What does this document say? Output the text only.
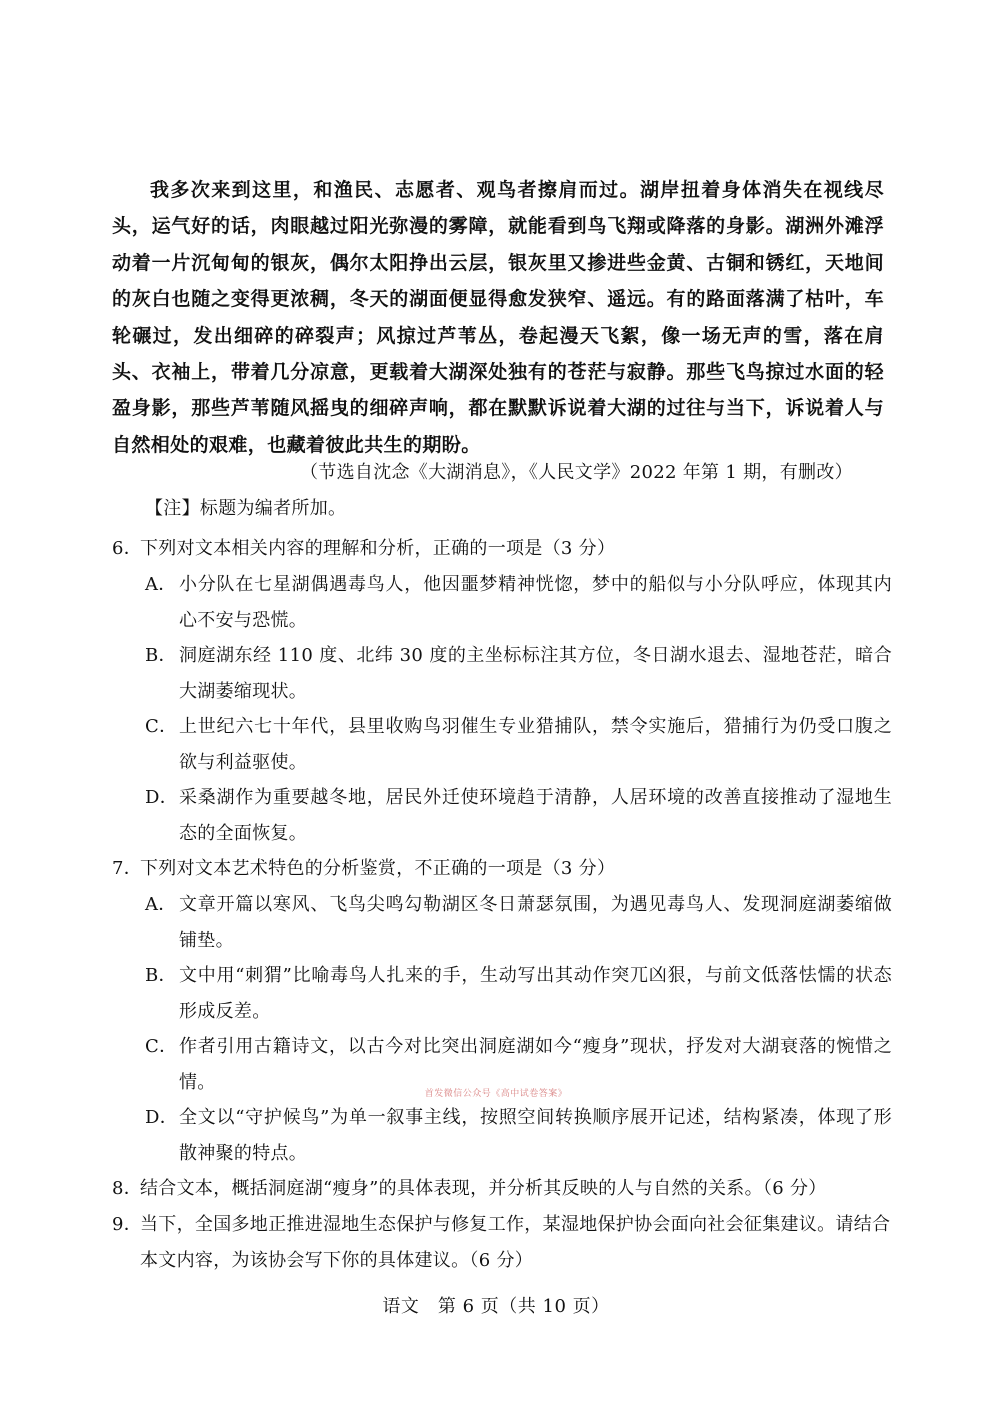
我多次来到这里，和渔民、志愿者、观鸟者擦肩而过。湖岸扭着身体消失在视线尽头，运气好的话，肉眼越过阳光弥漫的雾障，就能看到鸟飞翔或降落的身影。湖洲外滩浮动着一片沉甸甸的银灰，偶尔太阳挣出云层，银灰里又掺进些金黄、古铜和锈红，天地间的灰白也随之变得更浓稠，冬天的湖面便显得愈发狭窄、遥远。有的路面落满了枯叶，车轮碾过，发出细碎的碎裂声；风掠过芦苇丛，卷起漫天飞絮，像一场无声的雪，落在肩头、衣袖上，带着几分凉意，更载着大湖深处独有的苍茫与寂静。那些飞鸟掠过水面的轻盈身影，那些芦苇随风摇曳的细碎声响，都在默默诉说着大湖的过往与当下，诉说着人与自然相处的艰难，也藏着彼此共生的期盼。
（节选自沈念《大湖消息》，《人民文学》2022 年第 1 期，有删改）
【注】标题为编者所加。
6．
下列对文本相关内容的理解和分析，正确的一项是（3 分）
A． 小分队在七星湖偶遇毒鸟人，他因噩梦精神恍惚，梦中的船似与小分队呼应，体现其内心不安与恐慌。
B． 洞庭湖东经 110 度、北纬 30 度的主坐标标注其方位，冬日湖水退去、湿地苍茫，暗合大湖萎缩现状。
C． 上世纪六七十年代，县里收购鸟羽催生专业猎捕队，禁令实施后，猎捕行为仍受口腹之欲与利益驱使。
D． 采桑湖作为重要越冬地，居民外迁使环境趋于清静，人居环境的改善直接推动了湿地生态的全面恢复。
7．
下列对文本艺术特色的分析鉴赏，不正确的一项是（3 分）
A． 文章开篇以寒风、飞鸟尖鸣勾勒湖区冬日萧瑟氛围，为遇见毒鸟人、发现洞庭湖萎缩做铺垫。
B． 文中用“刺猬”比喻毒鸟人扎来的手，生动写出其动作突兀凶狠，与前文低落怯懦的状态形成反差。
C． 作者引用古籍诗文，以古今对比突出洞庭湖如今“瘦身”现状，抒发对大湖衰落的惋惜之情。
D． 全文以“守护候鸟”为单一叙事主线，按照空间转换顺序展开记述，结构紧凑，体现了形散神聚的特点。
8．
结合文本，概括洞庭湖“瘦身”的具体表现，并分析其反映的人与自然的关系。（6 分）
9．
当下，全国多地正推进湿地生态保护与修复工作，某湿地保护协会面向社会征集建议。请结合本文内容，为该协会写下你的具体建议。（6 分）
首发微信公众号《高中试卷答案》
语文　第 6 页（共 10 页）
